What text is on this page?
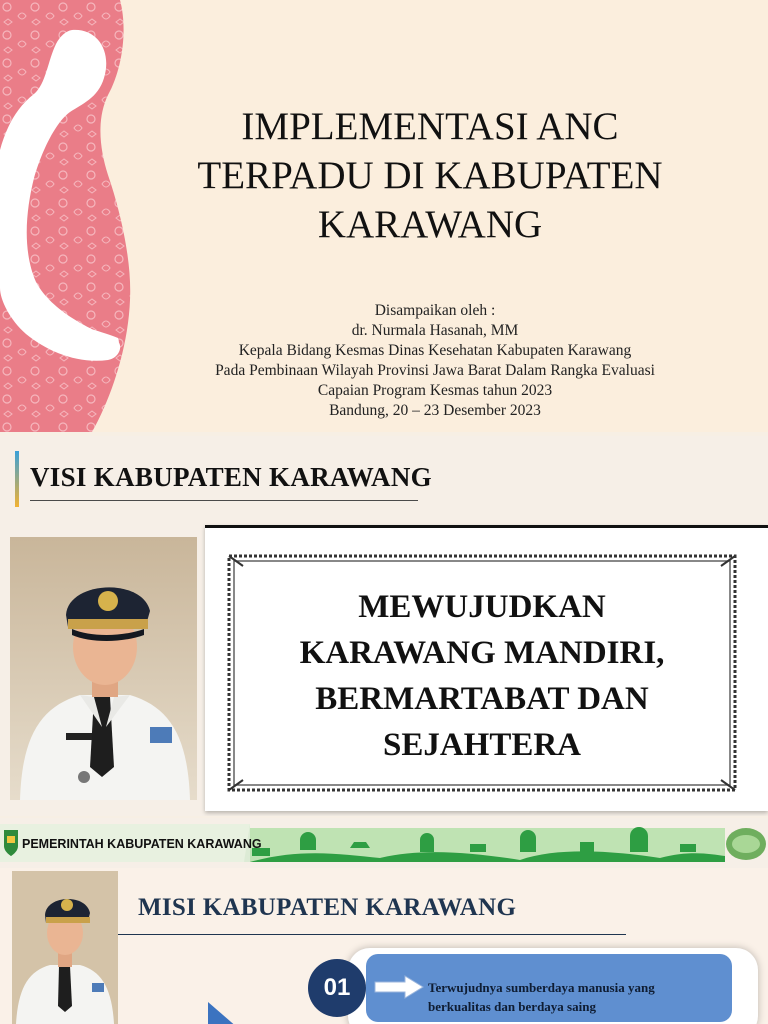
IMPLEMENTASI ANC
TERPADU DI KABUPATEN
KARAWANG
Disampaikan oleh :
dr. Nurmala Hasanah, MM
Kepala Bidang Kesmas Dinas Kesehatan Kabupaten Karawang
Pada Pembinaan Wilayah Provinsi Jawa Barat Dalam Rangka Evaluasi
Capaian Program Kesmas tahun 2023
Bandung, 20 – 23 Desember 2023
VISI KABUPATEN KARAWANG
MEWUJUDKAN
KARAWANG MANDIRI,
BERMARTABAT DAN
SEJAHTERA
PEMERINTAH KABUPATEN KARAWANG
MISI KABUPATEN KARAWANG
01	Terwujudnya sumberdaya manusia yang
berkualitas dan berdaya saing
